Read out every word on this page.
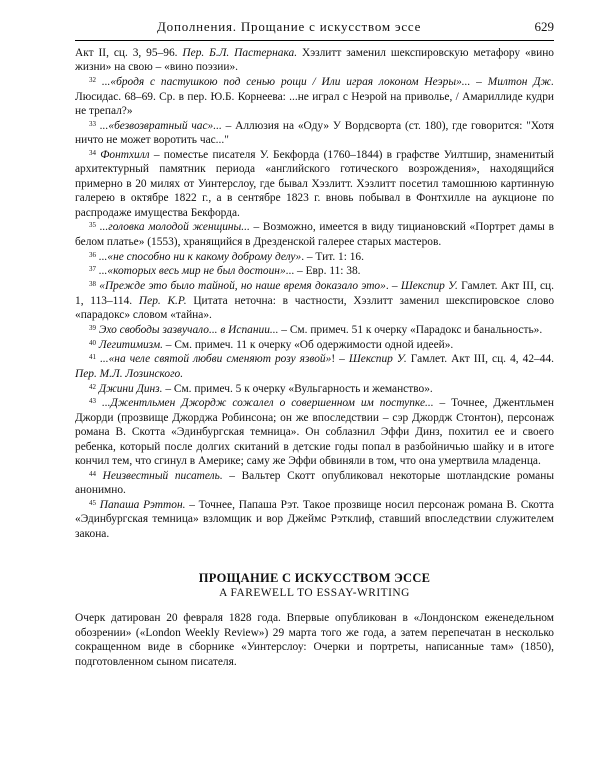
Дополнения. Прощание с искусством эссе	629

Акт II, сц. 3, 95–96. Пер. Б.Л. Пастернака. Хэзлитт заменил шекспировскую метафору «вино жизни» на свою – «вино поэзии».

$^{32}$ ...«бродя с пастушкою под сенью рощи / Или играя локоном Неэры»... – Милтон Дж. Люсидас. 68–69. Ср. в пер. Ю.Б. Корнеева: ...не играл с Неэрой на приволье, / Амариллиде кудри не трепал?»

$^{33}$ ...«безвозвратный час»... – Аллюзия на «Оду» У Вордсворта (ст. 180), где говорится: "Хотя ничто не может воротить час..."

$^{34}$ Фонтхилл – поместье писателя У. Бекфорда (1760–1844) в графстве Уилтшир, знаменитый архитектурный памятник периода «английского готического возрождения», находящийся примерно в 20 милях от Уинтерслоу, где бывал Хэзлитт. Хэзлитт посетил тамошнюю картинную галерею в октябре 1822 г., а в сентябре 1823 г. вновь побывал в Фонтхилле на аукционе по распродаже имущества Бекфорда.

$^{35}$ ...головка молодой женщины... – Возможно, имеется в виду тициановский «Портрет дамы в белом платье» (1553), хранящийся в Дрезденской галерее старых мастеров.

$^{36}$ ...«не способно ни к какому доброму делу». – Тит. 1: 16.

$^{37}$ ...«которых весь мир не был достоин»... – Евр. 11: 38.

$^{38}$ «Прежде это было тайной, но наше время доказало это». – Шекспир У. Гамлет. Акт III, сц. 1, 113–114. Пер. К.Р. Цитата неточна: в частности, Хэзлитт заменил шекспировское слово «парадокс» словом «тайна».

$^{39}$ Эхо свободы зазвучало... в Испании... – См. примеч. 51 к очерку «Парадокс и банальность».

$^{40}$ Легитимизм. – См. примеч. 11 к очерку «Об одержимости одной идеей».

$^{41}$ ...«на челе святой любви сменяют розу язвой»! – Шекспир У. Гамлет. Акт III, сц. 4, 42–44. Пер. М.Л. Лозинского.

$^{42}$ Джини Динз. – См. примеч. 5 к очерку «Вульгарность и жеманство».

$^{43}$ ...Джентльмен Джордж сожалел о совершенном им поступке... – Точнее, Джентльмен Джорди (прозвище Джорджа Робинсона; он же впоследствии – сэр Джордж Стонтон), персонаж романа В. Скотта «Эдинбургская темница». Он соблазнил Эффи Динз, похитил ее и своего ребенка, который после долгих скитаний в детские годы попал в разбойничью шайку и в итоге кончил тем, что сгинул в Америке; саму же Эффи обвиняли в том, что она умертвила младенца.

$^{44}$ Неизвестный писатель. – Вальтер Скотт опубликовал некоторые шотландские романы анонимно.

$^{45}$ Папаша Рэттон. – Точнее, Папаша Рэт. Такое прозвище носил персонаж романа В. Скотта «Эдинбургская темница» взломщик и вор Джеймс Рэтклиф, ставший впоследствии служителем закона.

ПРОЩАНИЕ С ИСКУССТВОМ ЭССЕ
A FAREWELL TO ESSAY-WRITING

Очерк датирован 20 февраля 1828 года. Впервые опубликован в «Лондонском еженедельном обозрении» («London Weekly Review») 29 марта того же года, а затем перепечатан в несколько сокращенном виде в сборнике «Уинтерслоу: Очерки и портреты, написанные там» (1850), подготовленном сыном писателя.
